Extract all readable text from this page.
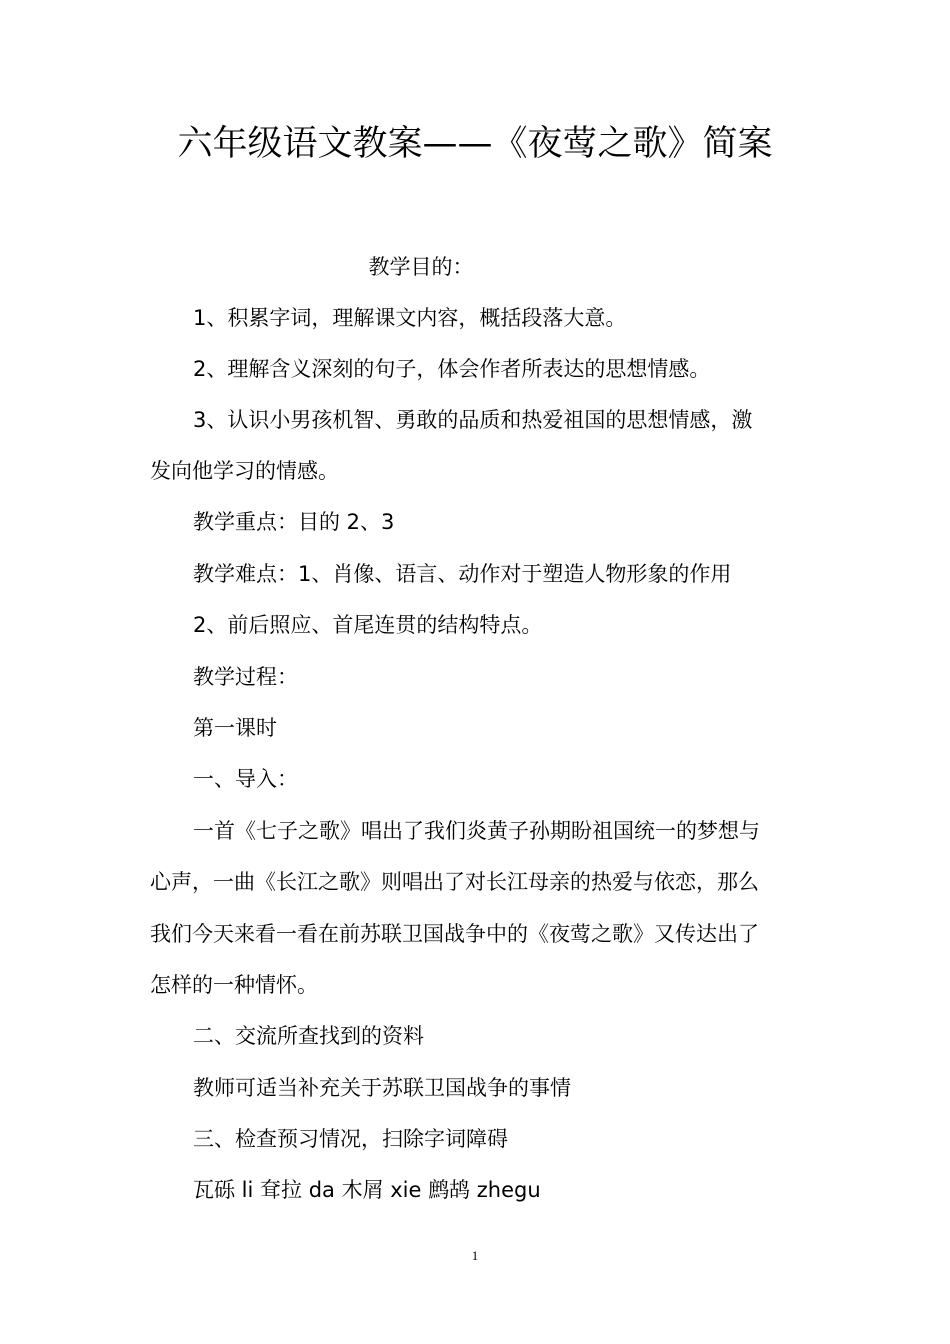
六年级语文教案——《夜莺之歌》简案
教学目的：
1、积累字词，理解课文内容，概括段落大意。
2、理解含义深刻的句子，体会作者所表达的思想情感。
3、认识小男孩机智、勇敢的品质和热爱祖国的思想情感，激
发向他学习的情感。
教学重点：目的 2、3
教学难点：1、肖像、语言、动作对于塑造人物形象的作用
2、前后照应、首尾连贯的结构特点。
教学过程：
第一课时
一、导入：
一首《七子之歌》唱出了我们炎黄子孙期盼祖国统一的梦想与
心声，一曲《长江之歌》则唱出了对长江母亲的热爱与依恋，那么
我们今天来看一看在前苏联卫国战争中的《夜莺之歌》又传达出了
怎样的一种情怀。
二、交流所查找到的资料
教师可适当补充关于苏联卫国战争的事情
三、检查预习情况，扫除字词障碍
瓦砾 li 耷拉 da 木屑 xie 鹧鸪 zhegu
1
